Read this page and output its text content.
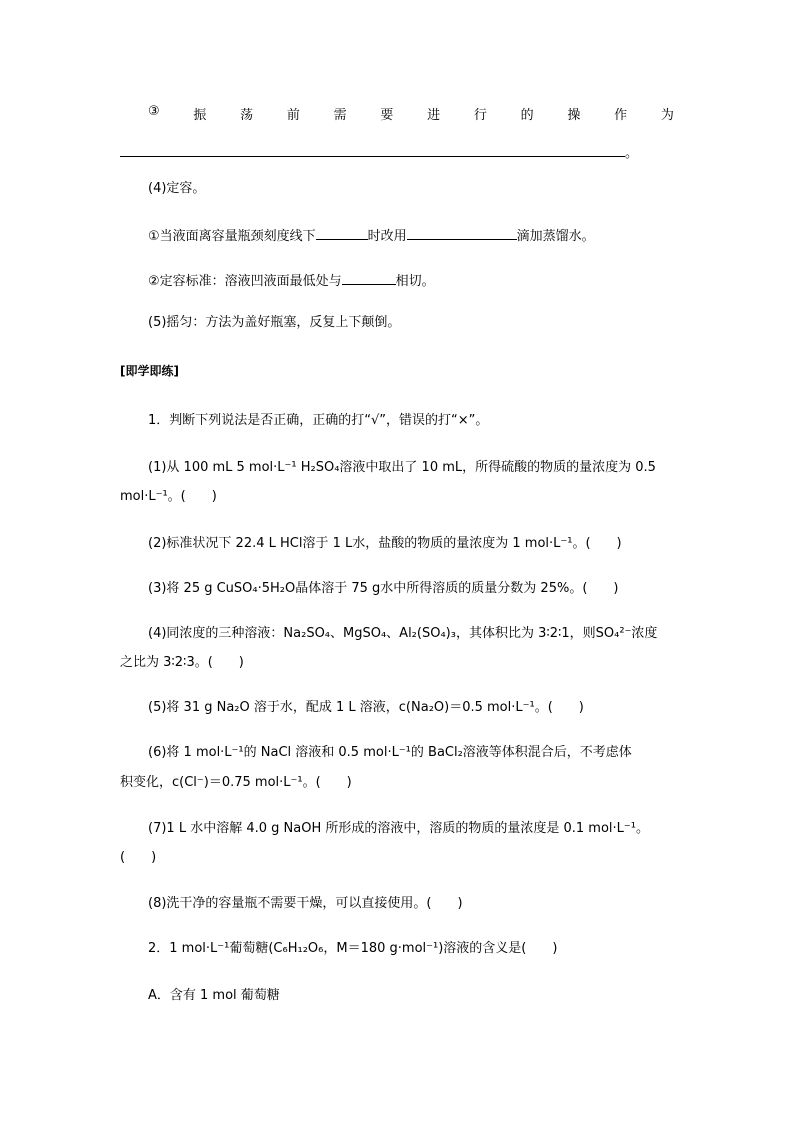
③	振	荡	前	需	要	进	行	的	操	作	为
。
(4)定容。
①当液面离容量瓶颈刻度线下	时改用	滴加蒸馏水。
②定容标准：溶液凹液面最低处与	相切。
(5)摇匀：方法为盖好瓶塞，反复上下颠倒。
[即学即练]
1．判断下列说法是否正确，正确的打“√”，错误的打“×”。
(1)从 100 mL 5 mol·L⁻¹ H₂SO₄溶液中取出了 10 mL，所得硫酸的物质的量浓度为 0.5
mol·L⁻¹。(　　)
(2)标准状况下 22.4 L HCl溶于 1 L水，盐酸的物质的量浓度为 1 mol·L⁻¹。(　　)
(3)将 25 g CuSO₄·5H₂O晶体溶于 75 g水中所得溶质的质量分数为 25%。(　　)
(4)同浓度的三种溶液：Na₂SO₄、MgSO₄、Al₂(SO₄)₃，其体积比为 3∶2∶1，则SO₄²⁻浓度
之比为 3∶2∶3。(　　)
(5)将 31 g Na₂O 溶于水，配成 1 L 溶液，c(Na₂O)＝0.5 mol·L⁻¹。(　　)
(6)将 1 mol·L⁻¹的 NaCl 溶液和 0.5 mol·L⁻¹的 BaCl₂溶液等体积混合后，不考虑体
积变化，c(Cl⁻)＝0.75 mol·L⁻¹。(　　)
(7)1 L 水中溶解 4.0 g NaOH 所形成的溶液中，溶质的物质的量浓度是 0.1 mol·L⁻¹。
(　　)
(8)洗干净的容量瓶不需要干燥，可以直接使用。(　　)
2．1 mol·L⁻¹葡萄糖(C₆H₁₂O₆，M＝180 g·mol⁻¹)溶液的含义是(　　)
A．含有 1 mol 葡萄糖
